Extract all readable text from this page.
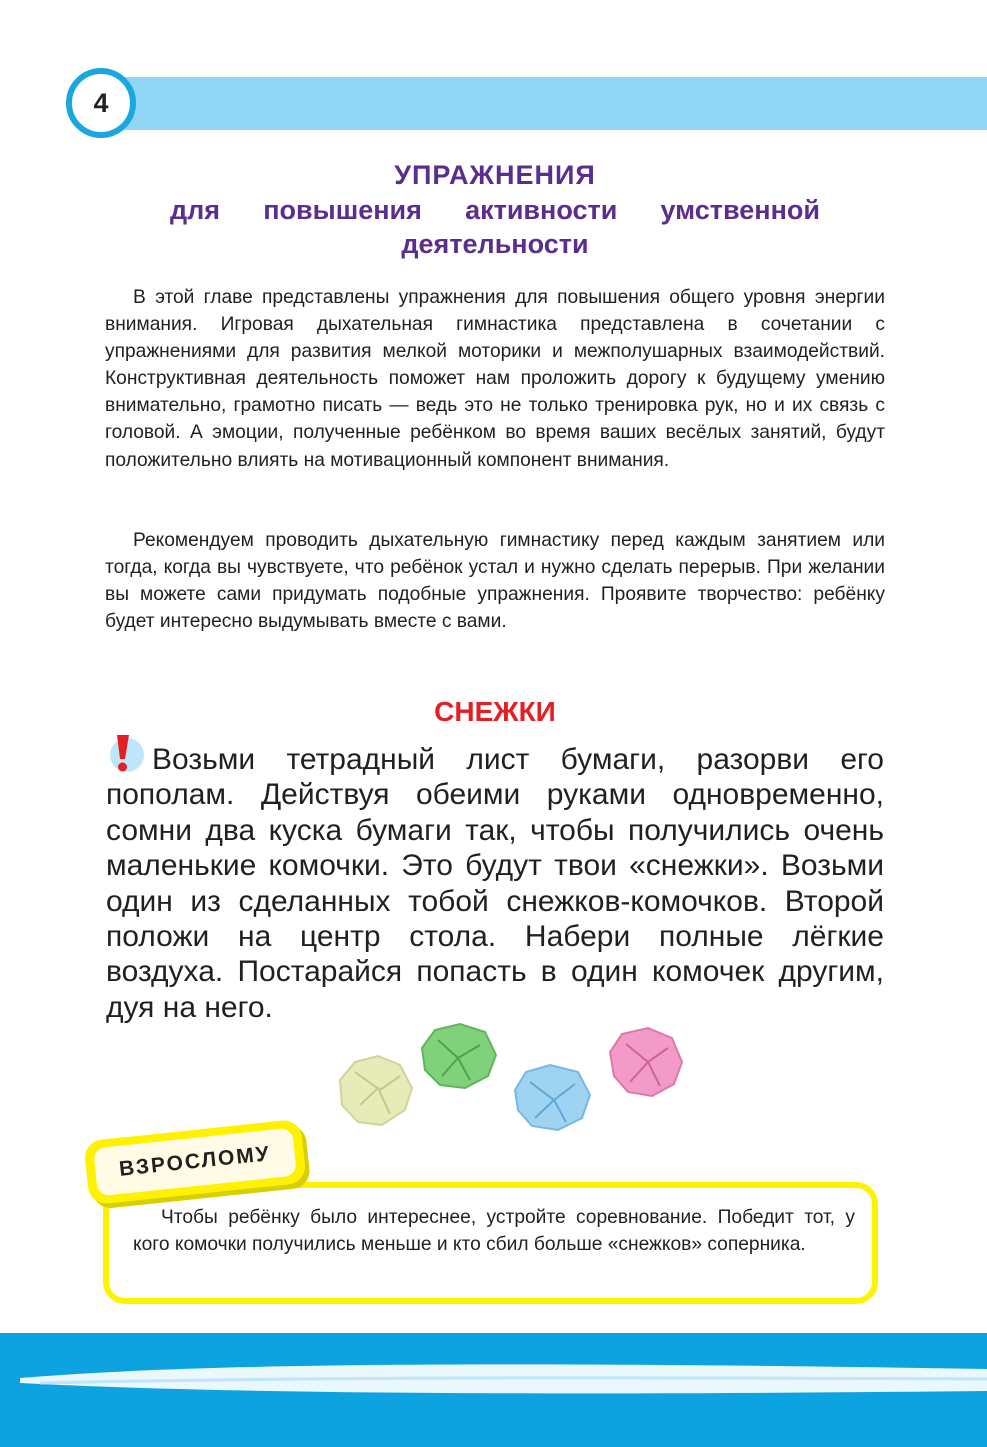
4
УПРАЖНЕНИЯ
для повышения активности умственной
деятельности

В этой главе представлены упражнения для повышения общего уровня энергии внимания. Игровая дыхательная гимнастика представлена в сочетании с упражнениями для развития мелкой моторики и межполушарных взаимодействий. Конструктивная деятельность поможет нам проложить дорогу к будущему умению внимательно, грамотно писать — ведь это не только тренировка рук, но и их связь с головой. А эмоции, полученные ребёнком во время ваших весёлых занятий, будут положительно влиять на мотивационный компонент внимания.

Рекомендуем проводить дыхательную гимнастику перед каждым занятием или тогда, когда вы чувствуете, что ребёнок устал и нужно сделать перерыв. При желании вы можете сами придумать подобные упражнения. Проявите творчество: ребёнку будет интересно выдумывать вместе с вами.

СНЕЖКИ

Возьми тетрадный лист бумаги, разорви его пополам. Действуя обеими руками одновременно, сомни два куска бумаги так, чтобы получились очень маленькие комочки. Это будут твои «снежки». Возьми один из сделанных тобой снежков-комочков. Второй положи на центр стола. Набери полные лёгкие воздуха. Постарайся попасть в один комочек другим, дуя на него.

Чтобы ребёнку было интереснее, устройте соревнование. Победит тот, у кого комочки получились меньше и кто сбил больше «снежков» соперника.

ВЗРОСЛОМУ
